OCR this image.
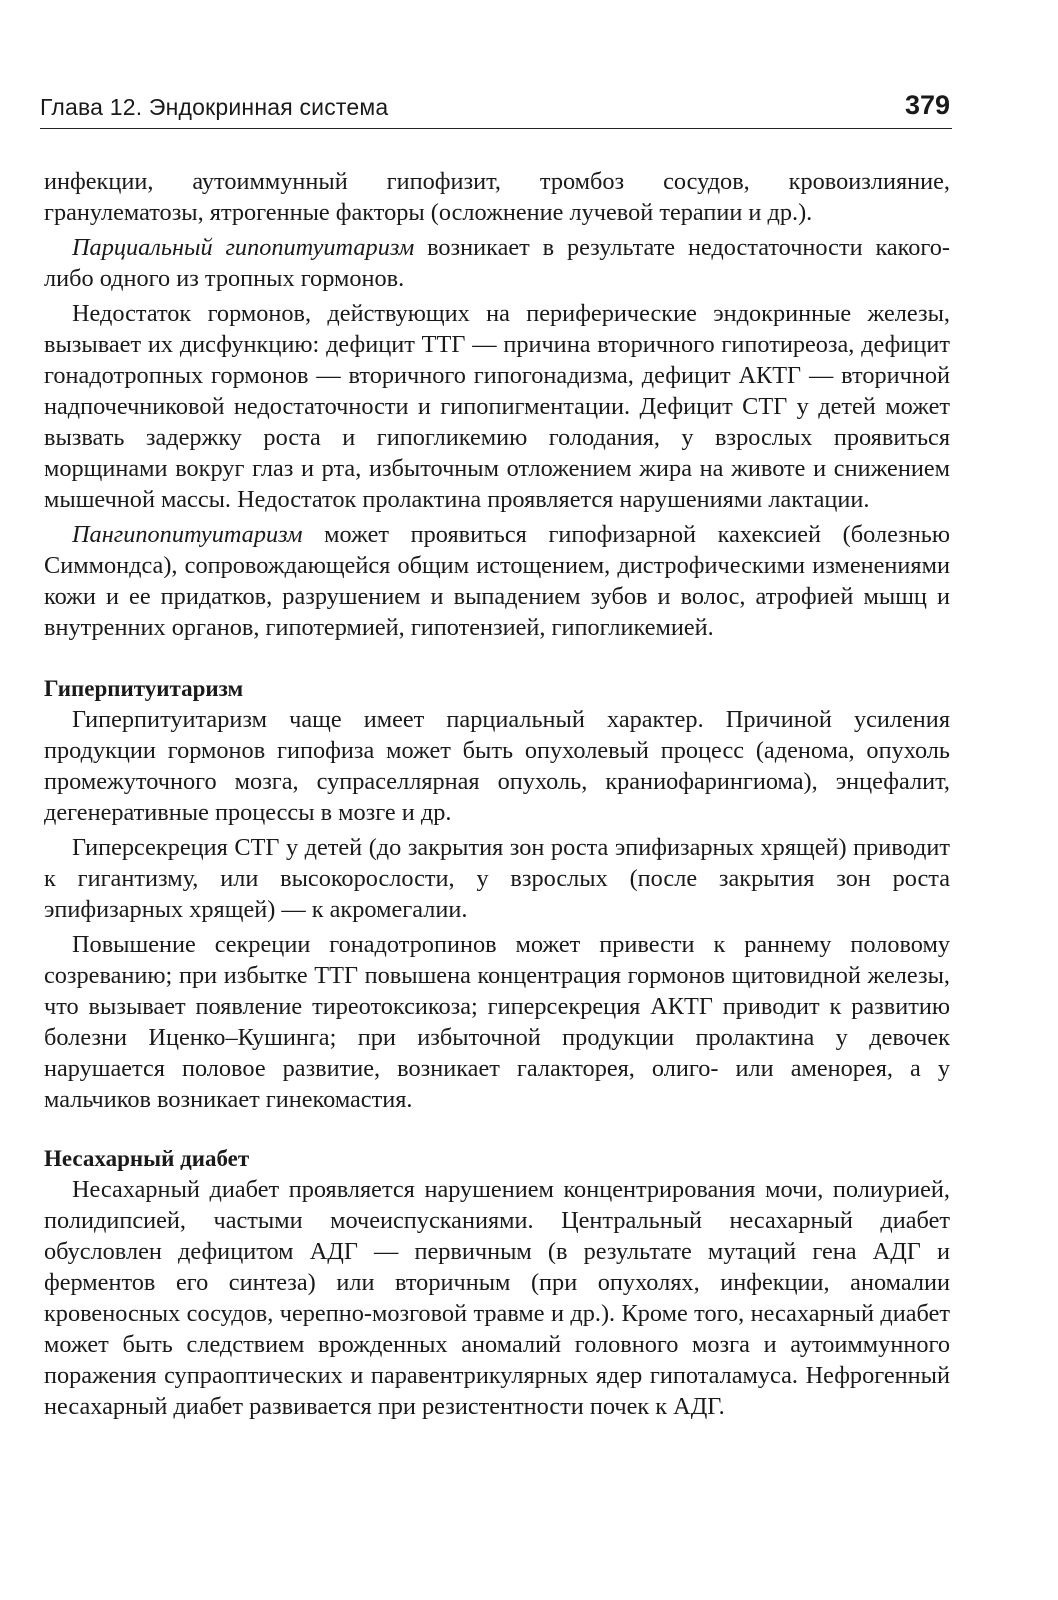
Глава 12. Эндокринная система	379

инфекции, аутоиммунный гипофизит, тромбоз сосудов, кровоизлияние, гранулематозы, ятрогенные факторы (осложнение лучевой терапии и др.).

Парциальный гипопитуитаризм возникает в результате недостаточности какого-либо одного из тропных гормонов.

Недостаток гормонов, действующих на периферические эндокринные железы, вызывает их дисфункцию: дефицит ТТГ — причина вторичного гипотиреоза, дефицит гонадотропных гормонов — вторичного гипогонадизма, дефицит АКТГ — вторичной надпочечниковой недостаточности и гипопигментации. Дефицит СТГ у детей может вызвать задержку роста и гипогликемию голодания, у взрослых проявиться морщинами вокруг глаз и рта, избыточным отложением жира на животе и снижением мышечной массы. Недостаток пролактина проявляется нарушениями лактации.

Пангипопитуитаризм может проявиться гипофизарной кахексией (болезнью Симмондса), сопровождающейся общим истощением, дистрофическими изменениями кожи и ее придатков, разрушением и выпадением зубов и волос, атрофией мышц и внутренних органов, гипотермией, гипотензией, гипогликемией.

Гиперпитуитаризм

Гиперпитуитаризм чаще имеет парциальный характер. Причиной усиления продукции гормонов гипофиза может быть опухолевый процесс (аденома, опухоль промежуточного мозга, супраселлярная опухоль, краниофарингиома), энцефалит, дегенеративные процессы в мозге и др.

Гиперсекреция СТГ у детей (до закрытия зон роста эпифизарных хрящей) приводит к гигантизму, или высокорослости, у взрослых (после закрытия зон роста эпифизарных хрящей) — к акромегалии.

Повышение секреции гонадотропинов может привести к раннему половому созреванию; при избытке ТТГ повышена концентрация гормонов щитовидной железы, что вызывает появление тиреотоксикоза; гиперсекреция АКТГ приводит к развитию болезни Иценко–Кушинга; при избыточной продукции пролактина у девочек нарушается половое развитие, возникает галакторея, олиго- или аменорея, а у мальчиков возникает гинекомастия.

Несахарный диабет

Несахарный диабет проявляется нарушением концентрирования мочи, полиурией, полидипсией, частыми мочеиспусканиями. Центральный несахарный диабет обусловлен дефицитом АДГ — первичным (в результате мутаций гена АДГ и ферментов его синтеза) или вторичным (при опухолях, инфекции, аномалии кровеносных сосудов, черепно-мозговой травме и др.). Кроме того, несахарный диабет может быть следствием врожденных аномалий головного мозга и аутоиммунного поражения супраоптических и паравентрикулярных ядер гипоталамуса. Нефрогенный несахарный диабет развивается при резистентности почек к АДГ.
